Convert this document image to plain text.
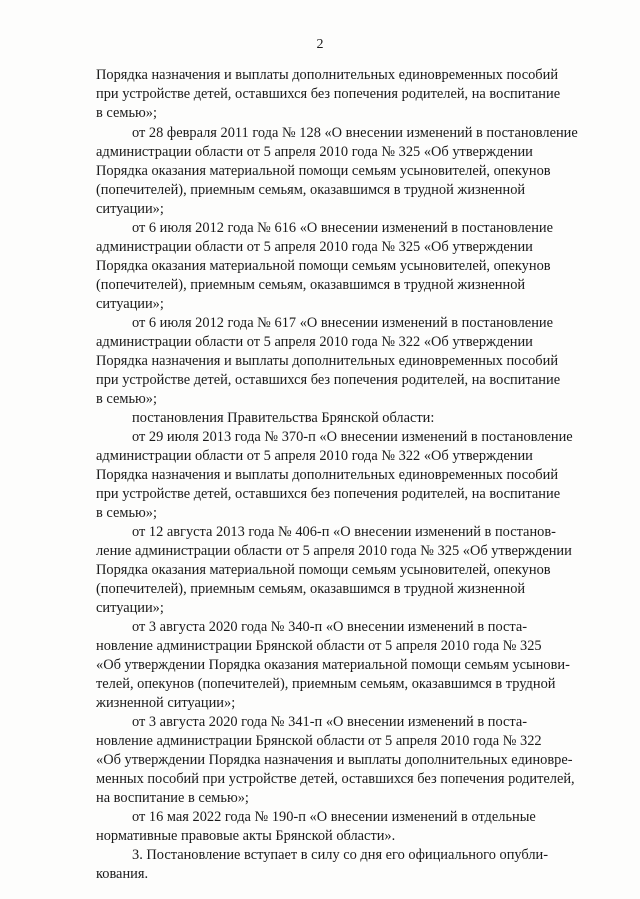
2
Порядка назначения и выплаты дополнительных единовременных пособий
при устройстве детей, оставшихся без попечения родителей, на воспитание
в семью»;
от 28 февраля 2011 года № 128 «О внесении изменений в постановление
администрации области от 5 апреля 2010 года № 325 «Об утверждении
Порядка оказания материальной помощи семьям усыновителей, опекунов
(попечителей), приемным семьям, оказавшимся в трудной жизненной
ситуации»;
от 6 июля 2012 года № 616 «О внесении изменений в постановление
администрации области от 5 апреля 2010 года № 325 «Об утверждении
Порядка оказания материальной помощи семьям усыновителей, опекунов
(попечителей), приемным семьям, оказавшимся в трудной жизненной
ситуации»;
от 6 июля 2012 года № 617 «О внесении изменений в постановление
администрации области от 5 апреля 2010 года № 322 «Об утверждении
Порядка назначения и выплаты дополнительных единовременных пособий
при устройстве детей, оставшихся без попечения родителей, на воспитание
в семью»;
постановления Правительства Брянской области:
от 29 июля 2013 года № 370-п «О внесении изменений в постановление
администрации области от 5 апреля 2010 года № 322 «Об утверждении
Порядка назначения и выплаты дополнительных единовременных пособий
при устройстве детей, оставшихся без попечения родителей, на воспитание
в семью»;
от 12 августа 2013 года № 406-п «О внесении изменений в постанов-
ление администрации области от 5 апреля 2010 года № 325 «Об утверждении
Порядка оказания материальной помощи семьям усыновителей, опекунов
(попечителей), приемным семьям, оказавшимся в трудной жизненной
ситуации»;
от 3 августа 2020 года № 340-п «О внесении изменений в поста-
новление администрации Брянской области от 5 апреля 2010 года № 325
«Об утверждении Порядка оказания материальной помощи семьям усынови-
телей, опекунов (попечителей), приемным семьям, оказавшимся в трудной
жизненной ситуации»;
от 3 августа 2020 года № 341-п «О внесении изменений в поста-
новление администрации Брянской области от 5 апреля 2010 года № 322
«Об утверждении Порядка назначения и выплаты дополнительных единовре-
менных пособий при устройстве детей, оставшихся без попечения родителей,
на воспитание в семью»;
от 16 мая 2022 года № 190-п «О внесении изменений в отдельные
нормативные правовые акты Брянской области».
3. Постановление вступает в силу со дня его официального опубли-
кования.
